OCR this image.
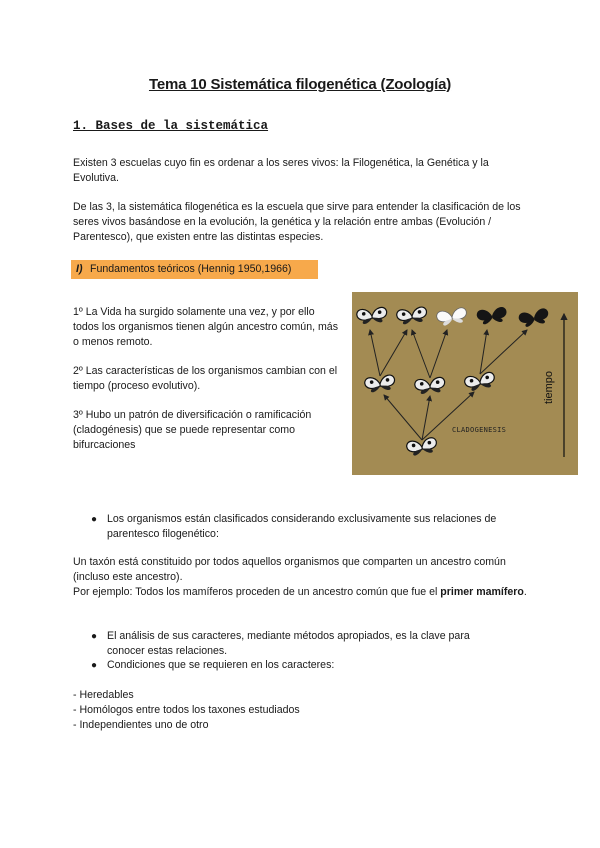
Tema 10 Sistemática filogenética (Zoología)
1. Bases de la sistemática
Existen 3 escuelas cuyo fin es ordenar a los seres vivos: la Filogenética, la Genética y la Evolutiva.
De las 3, la sistemática filogenética es la escuela que sirve para entender la clasificación de los seres vivos basándose en la evolución, la genética y la relación entre ambas (Evolución / Parentesco), que existen entre las distintas especies.
I) Fundamentos teóricos (Hennig 1950,1966)
1º La Vida ha surgido solamente una vez, y por ello todos los organismos tienen algún ancestro común, más o menos remoto.
2º Las características de los organismos cambian con el tiempo (proceso evolutivo).
3º Hubo un patrón de diversificación o ramificación (cladogénesis) que se puede representar como bifurcaciones
CLADOGENESIS
tiempo
● Los organismos están clasificados considerando exclusivamente sus relaciones de parentesco filogenético:
Un taxón está constituido por todos aquellos organismos que comparten un ancestro común (incluso este ancestro).
Por ejemplo: Todos los mamíferos proceden de un ancestro común que fue el primer mamífero.
● El análisis de sus caracteres, mediante métodos apropiados, es la clave para conocer estas relaciones.
● Condiciones que se requieren en los caracteres:
- Heredables
- Homólogos entre todos los taxones estudiados
- Independientes uno de otro
